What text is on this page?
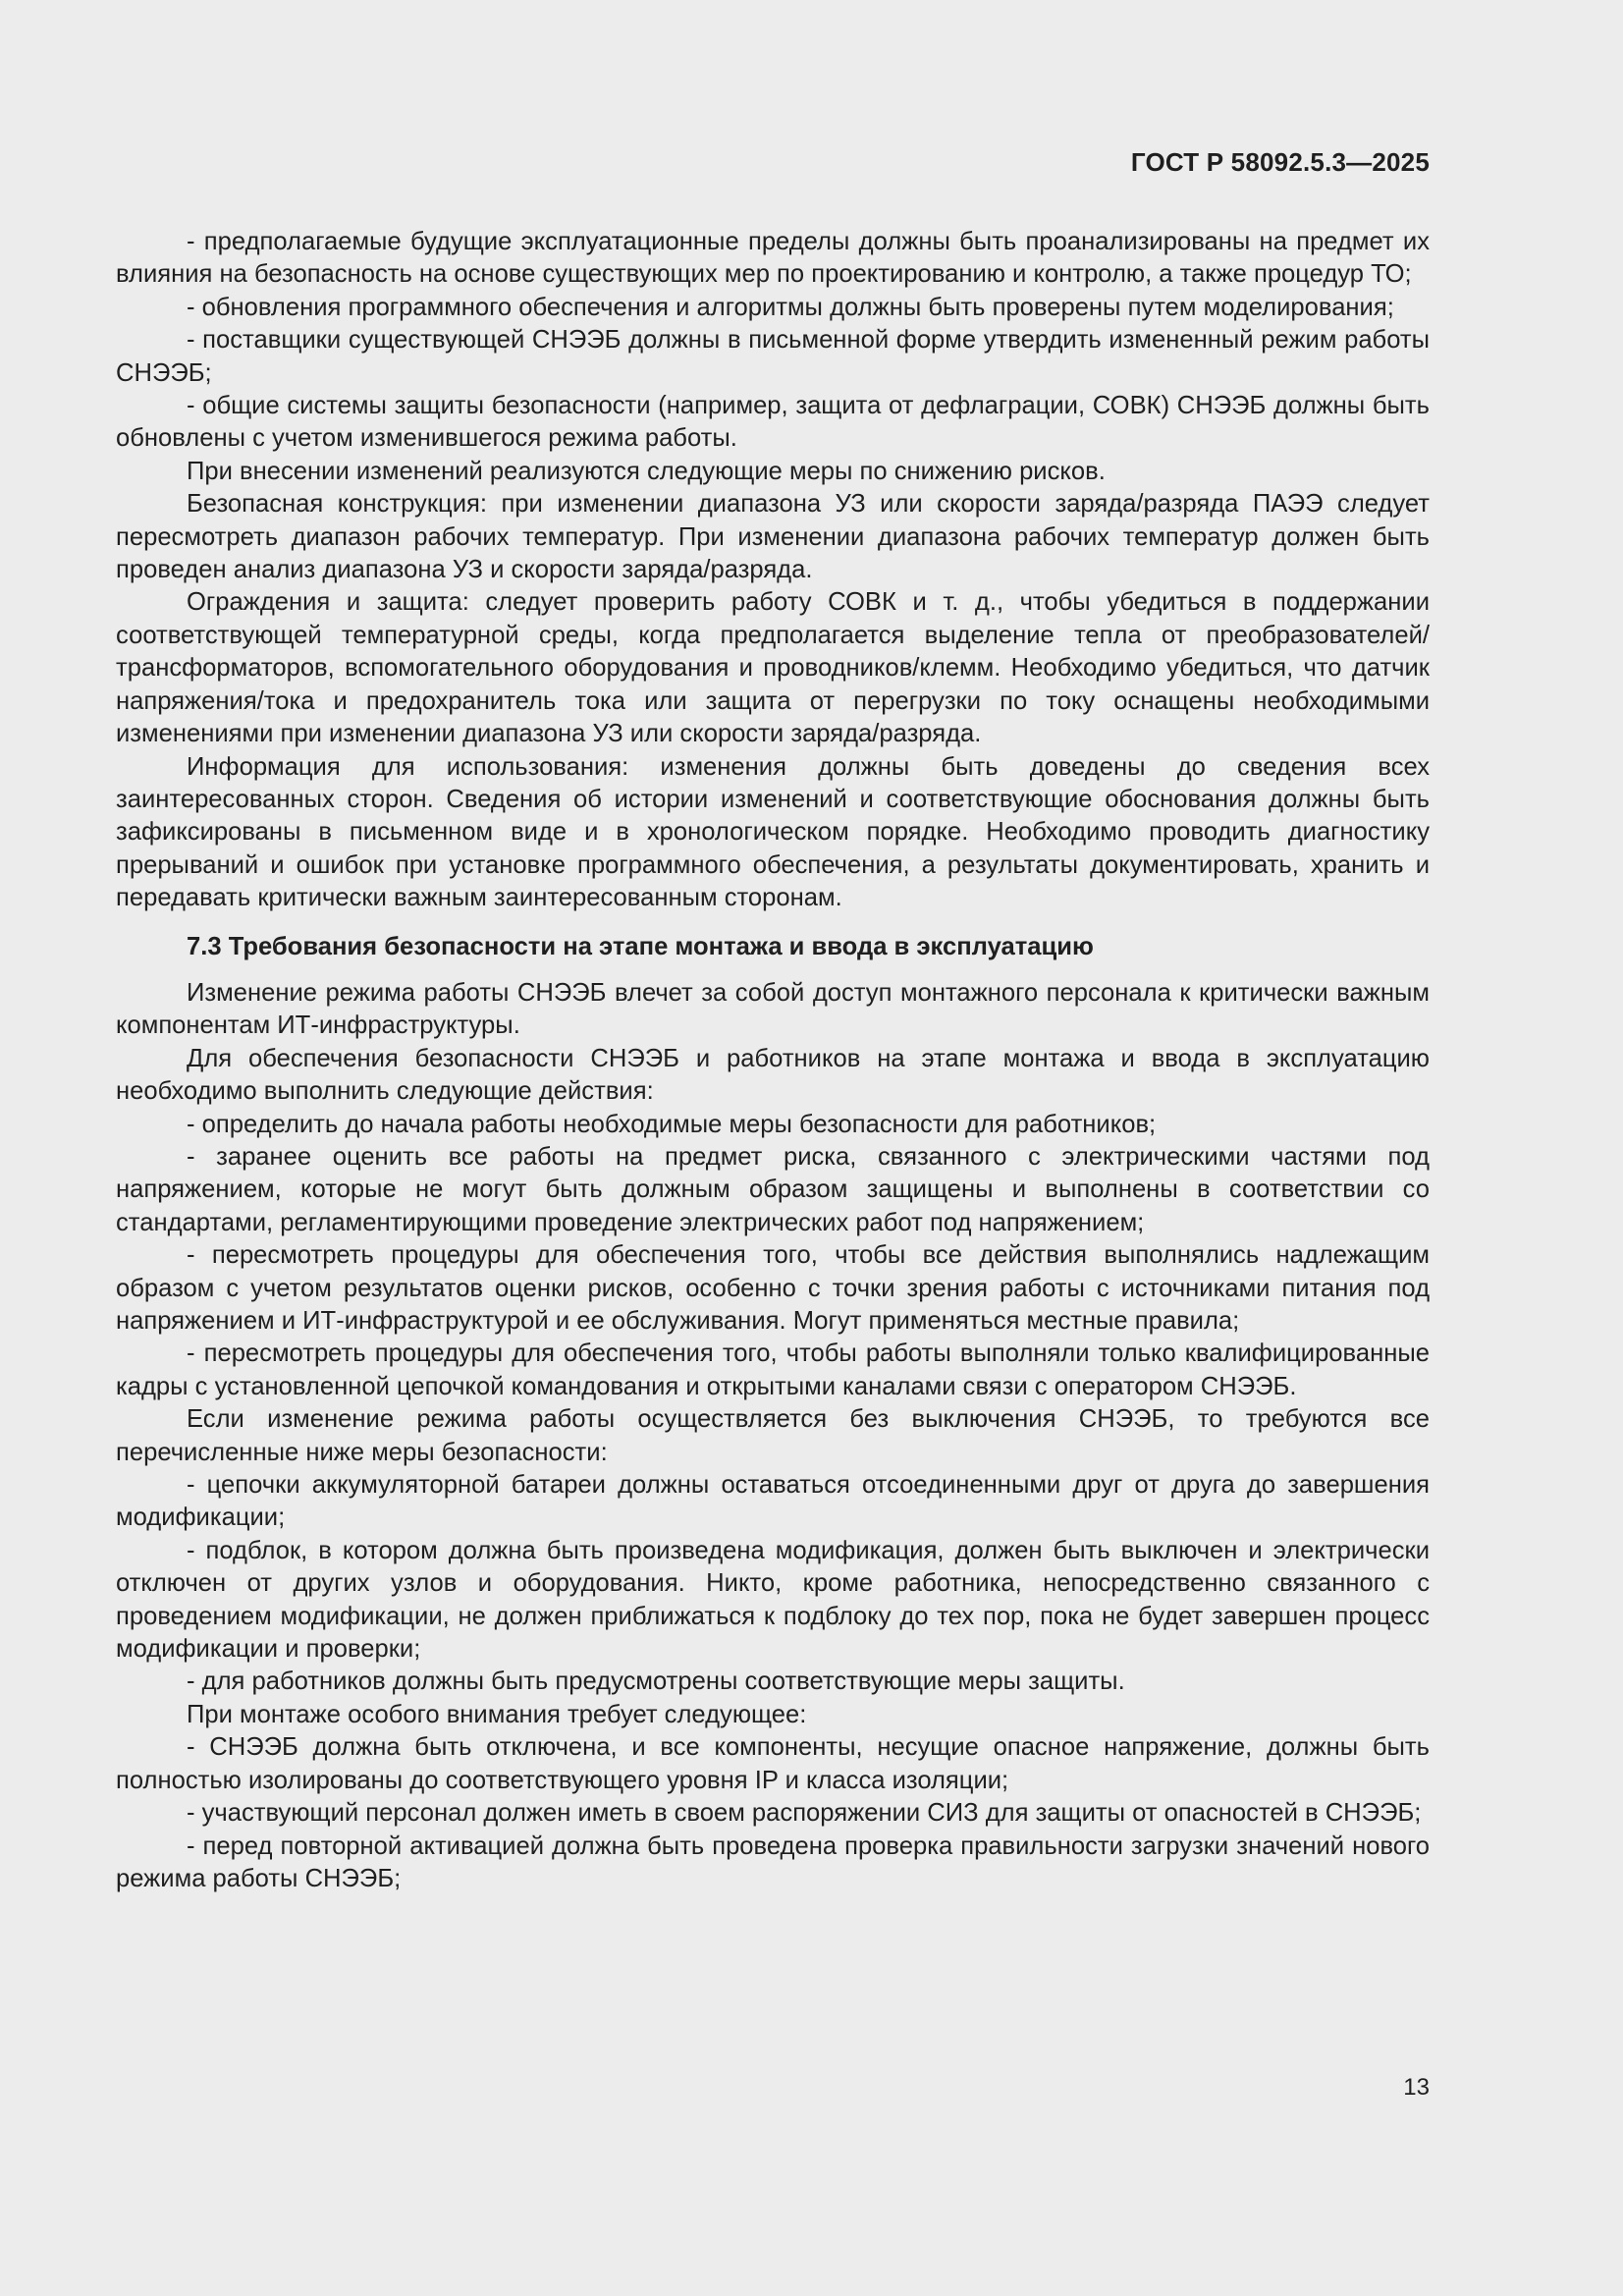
ГОСТ Р 58092.5.3—2025

- предполагаемые будущие эксплуатационные пределы должны быть проанализированы на предмет их влияния на безопасность на основе существующих мер по проектированию и контролю, а также процедур ТО;

- обновления программного обеспечения и алгоритмы должны быть проверены путем моделирования;

- поставщики существующей СНЭЭБ должны в письменной форме утвердить измененный режим работы СНЭЭБ;

- общие системы защиты безопасности (например, защита от дефлаграции, СОВК) СНЭЭБ должны быть обновлены с учетом изменившегося режима работы.

При внесении изменений реализуются следующие меры по снижению рисков.

Безопасная конструкция: при изменении диапазона УЗ или скорости заряда/разряда ПАЭЭ следует пересмотреть диапазон рабочих температур. При изменении диапазона рабочих температур должен быть проведен анализ диапазона УЗ и скорости заряда/разряда.

Ограждения и защита: следует проверить работу СОВК и т. д., чтобы убедиться в поддержании соответствующей температурной среды, когда предполагается выделение тепла от преобразователей/трансформаторов, вспомогательного оборудования и проводников/клемм. Необходимо убедиться, что датчик напряжения/тока и предохранитель тока или защита от перегрузки по току оснащены необходимыми изменениями при изменении диапазона УЗ или скорости заряда/разряда.

Информация для использования: изменения должны быть доведены до сведения всех заинтересованных сторон. Сведения об истории изменений и соответствующие обоснования должны быть зафиксированы в письменном виде и в хронологическом порядке. Необходимо проводить диагностику прерываний и ошибок при установке программного обеспечения, а результаты документировать, хранить и передавать критически важным заинтересованным сторонам.

7.3 Требования безопасности на этапе монтажа и ввода в эксплуатацию

Изменение режима работы СНЭЭБ влечет за собой доступ монтажного персонала к критически важным компонентам ИТ-инфраструктуры.

Для обеспечения безопасности СНЭЭБ и работников на этапе монтажа и ввода в эксплуатацию необходимо выполнить следующие действия:

- определить до начала работы необходимые меры безопасности для работников;

- заранее оценить все работы на предмет риска, связанного с электрическими частями под напряжением, которые не могут быть должным образом защищены и выполнены в соответствии со стандартами, регламентирующими проведение электрических работ под напряжением;

- пересмотреть процедуры для обеспечения того, чтобы все действия выполнялись надлежащим образом с учетом результатов оценки рисков, особенно с точки зрения работы с источниками питания под напряжением и ИТ-инфраструктурой и ее обслуживания. Могут применяться местные правила;

- пересмотреть процедуры для обеспечения того, чтобы работы выполняли только квалифицированные кадры с установленной цепочкой командования и открытыми каналами связи с оператором СНЭЭБ.

Если изменение режима работы осуществляется без выключения СНЭЭБ, то требуются все перечисленные ниже меры безопасности:

- цепочки аккумуляторной батареи должны оставаться отсоединенными друг от друга до завершения модификации;

- подблок, в котором должна быть произведена модификация, должен быть выключен и электрически отключен от других узлов и оборудования. Никто, кроме работника, непосредственно связанного с проведением модификации, не должен приближаться к подблоку до тех пор, пока не будет завершен процесс модификации и проверки;

- для работников должны быть предусмотрены соответствующие меры защиты.

При монтаже особого внимания требует следующее:

- СНЭЭБ должна быть отключена, и все компоненты, несущие опасное напряжение, должны быть полностью изолированы до соответствующего уровня IP и класса изоляции;

- участвующий персонал должен иметь в своем распоряжении СИЗ для защиты от опасностей в СНЭЭБ;

- перед повторной активацией должна быть проведена проверка правильности загрузки значений нового режима работы СНЭЭБ;

13
